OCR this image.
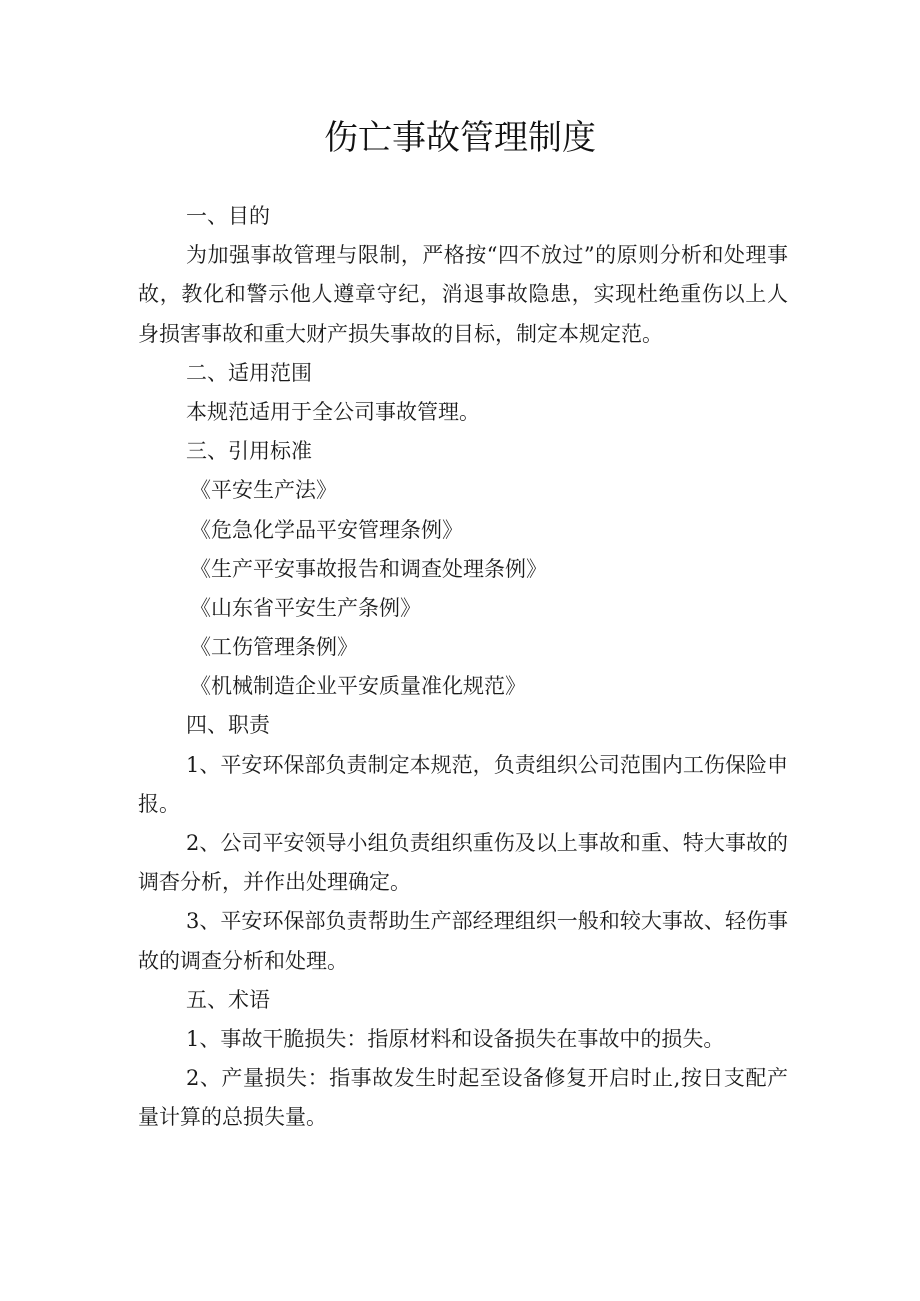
伤亡事故管理制度
一、目的
为加强事故管理与限制，严格按“四不放过”的原则分析和处理事故，教化和警示他人遵章守纪，消退事故隐患，实现杜绝重伤以上人身损害事故和重大财产损失事故的目标，制定本规定范。
二、适用范围
本规范适用于全公司事故管理。
三、引用标准
《平安生产法》
《危急化学品平安管理条例》
《生产平安事故报告和调查处理条例》
《山东省平安生产条例》
《工伤管理条例》
《机械制造企业平安质量准化规范》
四、职责
1、平安环保部负责制定本规范，负责组织公司范围内工伤保险申报。
2、公司平安领导小组负责组织重伤及以上事故和重、特大事故的调杳分析，并作出处理确定。
3、平安环保部负责帮助生产部经理组织一般和较大事故、轻伤事故的调查分析和处理。
五、术语
1、事故干脆损失：指原材料和设备损失在事故中的损失。
2、产量损失：指事故发生时起至设备修复开启时止,按日支配产量计算的总损失量。
